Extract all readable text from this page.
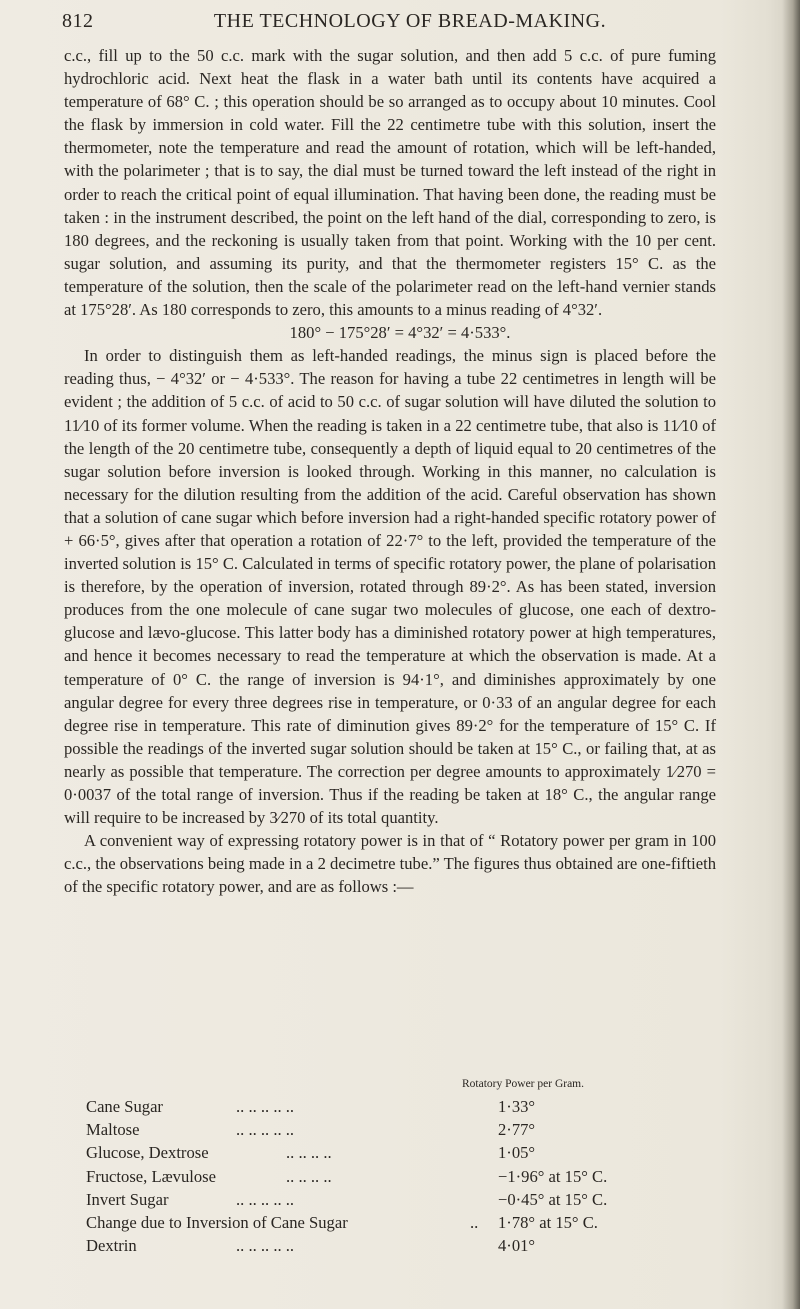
812	THE TECHNOLOGY OF BREAD-MAKING.

c.c., fill up to the 50 c.c. mark with the sugar solution, and then add 5 c.c. of pure fuming hydrochloric acid. Next heat the flask in a water bath until its contents have acquired a temperature of 68° C. ; this operation should be so arranged as to occupy about 10 minutes. Cool the flask by immersion in cold water. Fill the 22 centimetre tube with this solution, insert the thermometer, note the temperature and read the amount of rotation, which will be left-handed, with the polarimeter ; that is to say, the dial must be turned toward the left instead of the right in order to reach the critical point of equal illumination. That having been done, the reading must be taken : in the instrument described, the point on the left hand of the dial, corresponding to zero, is 180 degrees, and the reckoning is usually taken from that point. Working with the 10 per cent. sugar solution, and assuming its purity, and that the thermometer registers 15° C. as the temperature of the solution, then the scale of the polarimeter read on the left-hand vernier stands at 175°28′. As 180 corresponds to zero, this amounts to a minus reading of 4°32′.

180° − 175°28′ = 4°32′ = 4·533°.

In order to distinguish them as left-handed readings, the minus sign is placed before the reading thus, − 4°32′ or − 4·533°. The reason for having a tube 22 centimetres in length will be evident ; the addition of 5 c.c. of acid to 50 c.c. of sugar solution will have diluted the solution to 11⁄10 of its former volume. When the reading is taken in a 22 centimetre tube, that also is 11⁄10 of the length of the 20 centimetre tube, consequently a depth of liquid equal to 20 centimetres of the sugar solution before inversion is looked through. Working in this manner, no calculation is necessary for the dilution resulting from the addition of the acid. Careful observation has shown that a solution of cane sugar which before inversion had a right-handed specific rotatory power of + 66·5°, gives after that operation a rotation of 22·7° to the left, provided the temperature of the inverted solution is 15° C. Calculated in terms of specific rotatory power, the plane of polarisation is therefore, by the operation of inversion, rotated through 89·2°. As has been stated, inversion produces from the one molecule of cane sugar two molecules of glucose, one each of dextro-glucose and lævo-glucose. This latter body has a diminished rotatory power at high temperatures, and hence it becomes necessary to read the temperature at which the observation is made. At a temperature of 0° C. the range of inversion is 94·1°, and diminishes approximately by one angular degree for every three degrees rise in temperature, or 0·33 of an angular degree for each degree rise in temperature. This rate of diminution gives 89·2° for the temperature of 15° C. If possible the readings of the inverted sugar solution should be taken at 15° C., or failing that, at as nearly as possible that temperature. The correction per degree amounts to approximately 1⁄270 = 0·0037 of the total range of inversion. Thus if the reading be taken at 18° C., the angular range will require to be increased by 3⁄270 of its total quantity.

A convenient way of expressing rotatory power is in that of “ Rotatory power per gram in 100 c.c., the observations being made in a 2 decimetre tube.” The figures thus obtained are one-fiftieth of the specific rotatory power, and are as follows :—

Rotatory Power per Gram.
Cane Sugar	.. .. .. .. ..	1·33°
Maltose	.. .. .. .. ..	2·77°
Glucose, Dextrose	.. .. .. ..	1·05°
Fructose, Lævulose	.. .. .. ..	−1·96° at 15° C.
Invert Sugar	.. .. .. .. ..	−0·45° at 15° C.
Change due to Inversion of Cane Sugar	.. 1·78° at 15° C.
Dextrin	.. .. .. .. ..	4·01°
